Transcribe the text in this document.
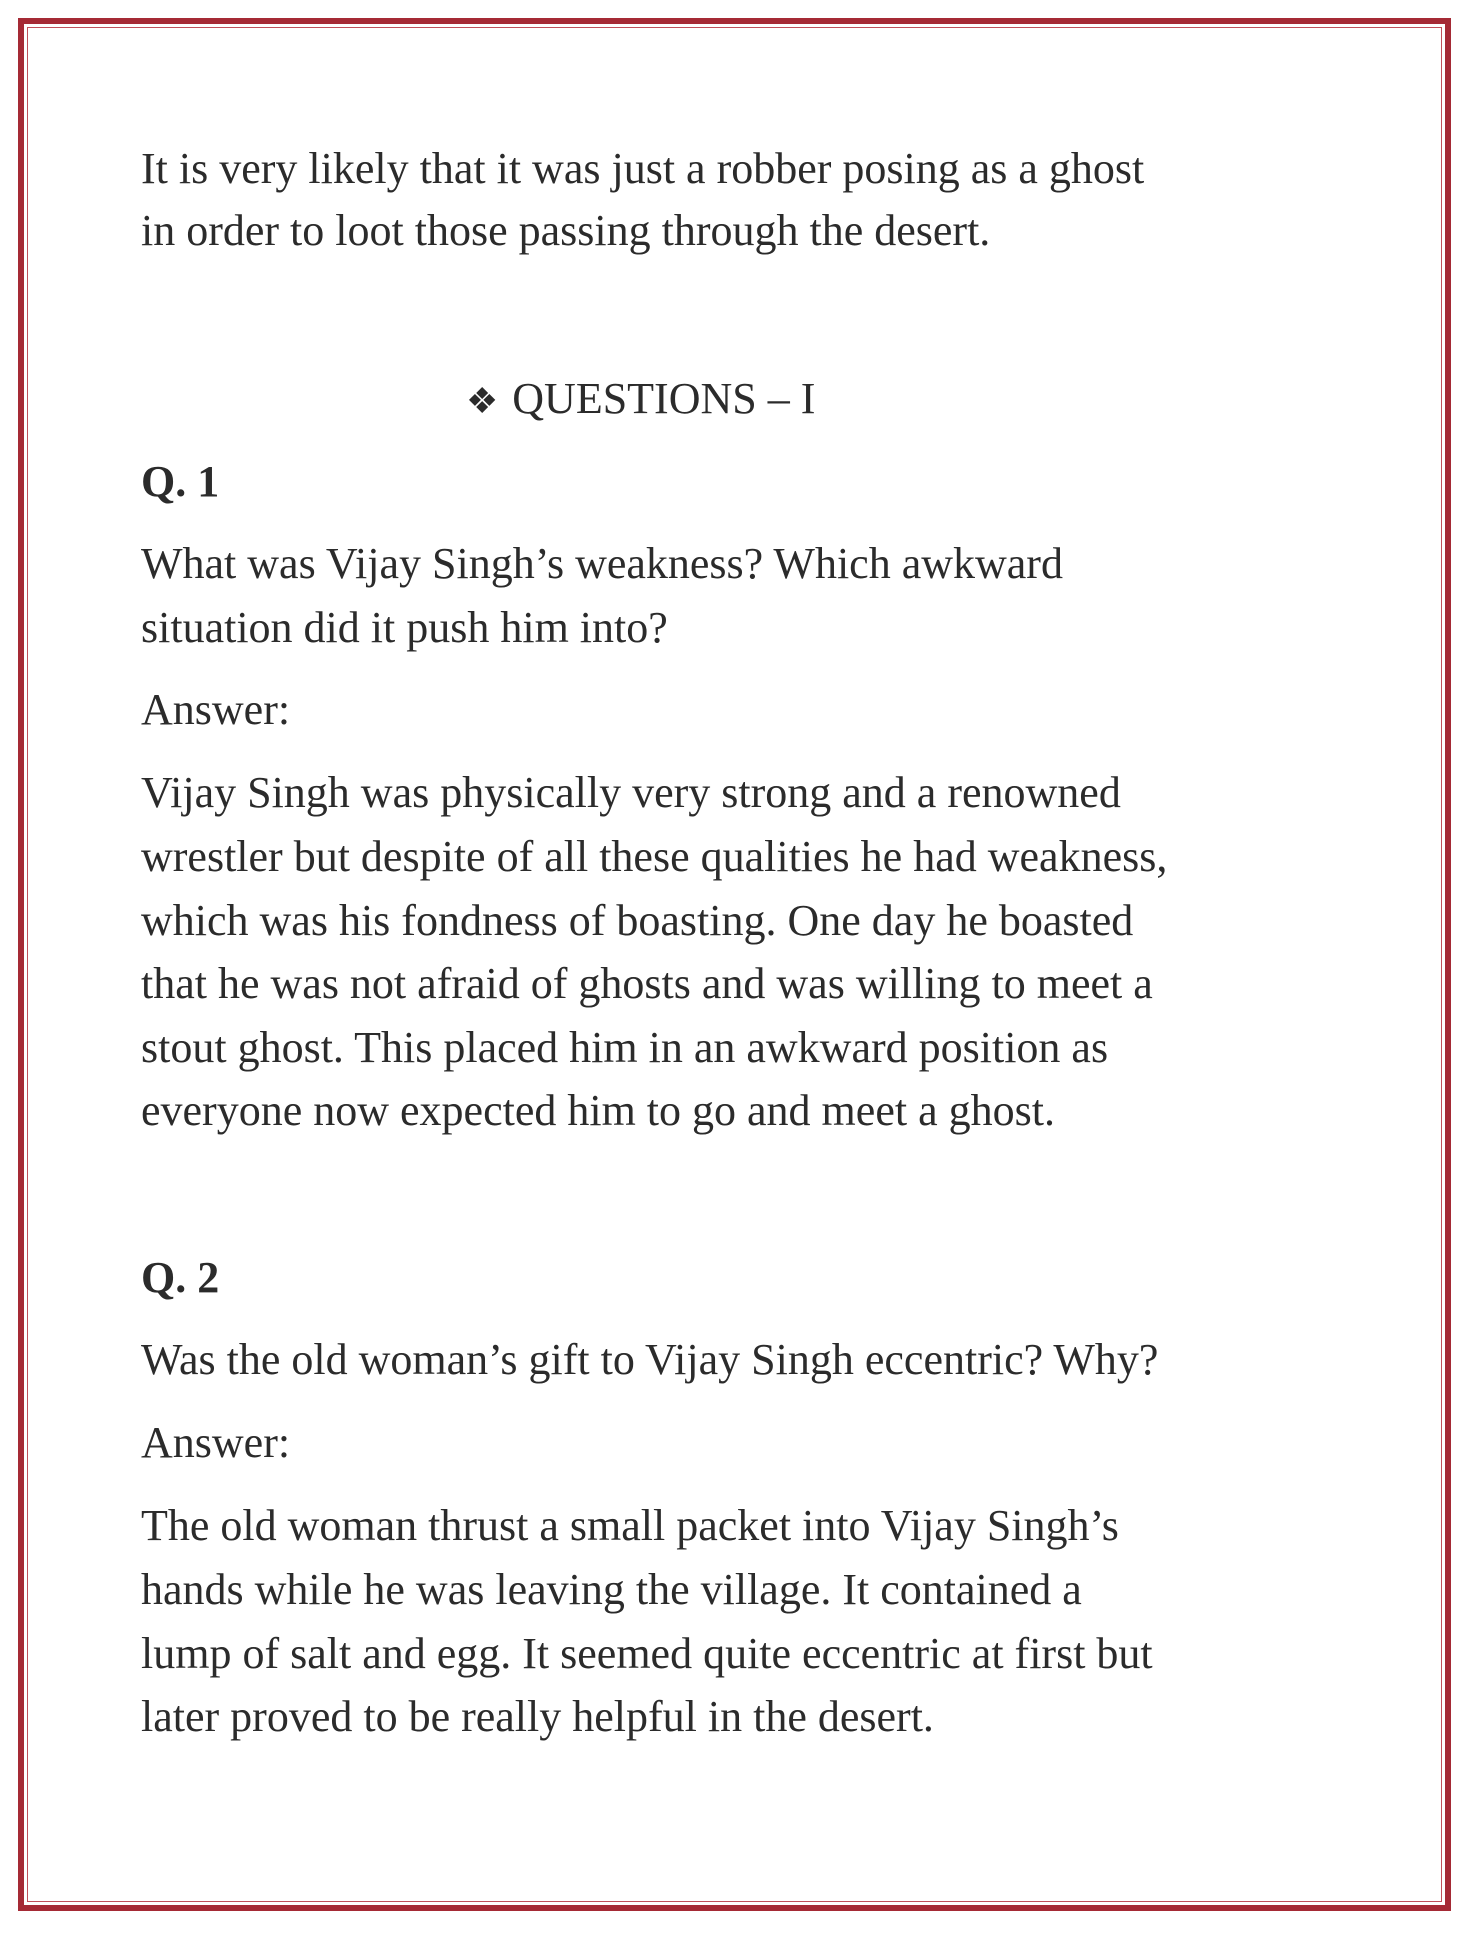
It is very likely that it was just a robber posing as a ghost
in order to loot those passing through the desert.
❖ QUESTIONS – I
Q. 1
What was Vijay Singh’s weakness? Which awkward
situation did it push him into?
Answer:
Vijay Singh was physically very strong and a renowned
wrestler but despite of all these qualities he had weakness,
which was his fondness of boasting. One day he boasted
that he was not afraid of ghosts and was willing to meet a
stout ghost. This placed him in an awkward position as
everyone now expected him to go and meet a ghost.
Q. 2
Was the old woman’s gift to Vijay Singh eccentric? Why?
Answer:
The old woman thrust a small packet into Vijay Singh’s
hands while he was leaving the village. It contained a
lump of salt and egg. It seemed quite eccentric at first but
later proved to be really helpful in the desert.
